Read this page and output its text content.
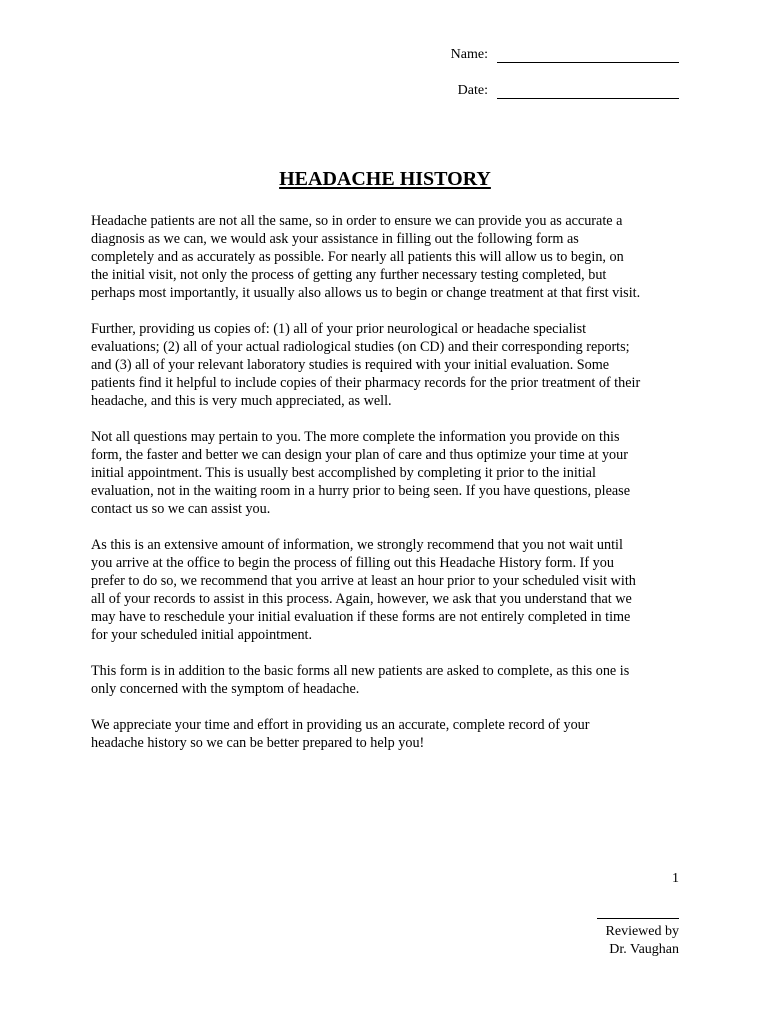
Name:
Date:
HEADACHE HISTORY

Headache patients are not all the same, so in order to ensure we can provide you as accurate a
diagnosis as we can, we would ask your assistance in filling out the following form as
completely and as accurately as possible. For nearly all patients this will allow us to begin, on
the initial visit, not only the process of getting any further necessary testing completed, but
perhaps most importantly, it usually also allows us to begin or change treatment at that first visit.

Further, providing us copies of: (1) all of your prior neurological or headache specialist
evaluations; (2) all of your actual radiological studies (on CD) and their corresponding reports;
and (3) all of your relevant laboratory studies is required with your initial evaluation. Some
patients find it helpful to include copies of their pharmacy records for the prior treatment of their
headache, and this is very much appreciated, as well.

Not all questions may pertain to you. The more complete the information you provide on this
form, the faster and better we can design your plan of care and thus optimize your time at your
initial appointment. This is usually best accomplished by completing it prior to the initial
evaluation, not in the waiting room in a hurry prior to being seen. If you have questions, please
contact us so we can assist you.

As this is an extensive amount of information, we strongly recommend that you not wait until
you arrive at the office to begin the process of filling out this Headache History form. If you
prefer to do so, we recommend that you arrive at least an hour prior to your scheduled visit with
all of your records to assist in this process. Again, however, we ask that you understand that we
may have to reschedule your initial evaluation if these forms are not entirely completed in time
for your scheduled initial appointment.

This form is in addition to the basic forms all new patients are asked to complete, as this one is
only concerned with the symptom of headache.

We appreciate your time and effort in providing us an accurate, complete record of your
headache history so we can be better prepared to help you!

1
Reviewed by
Dr. Vaughan
